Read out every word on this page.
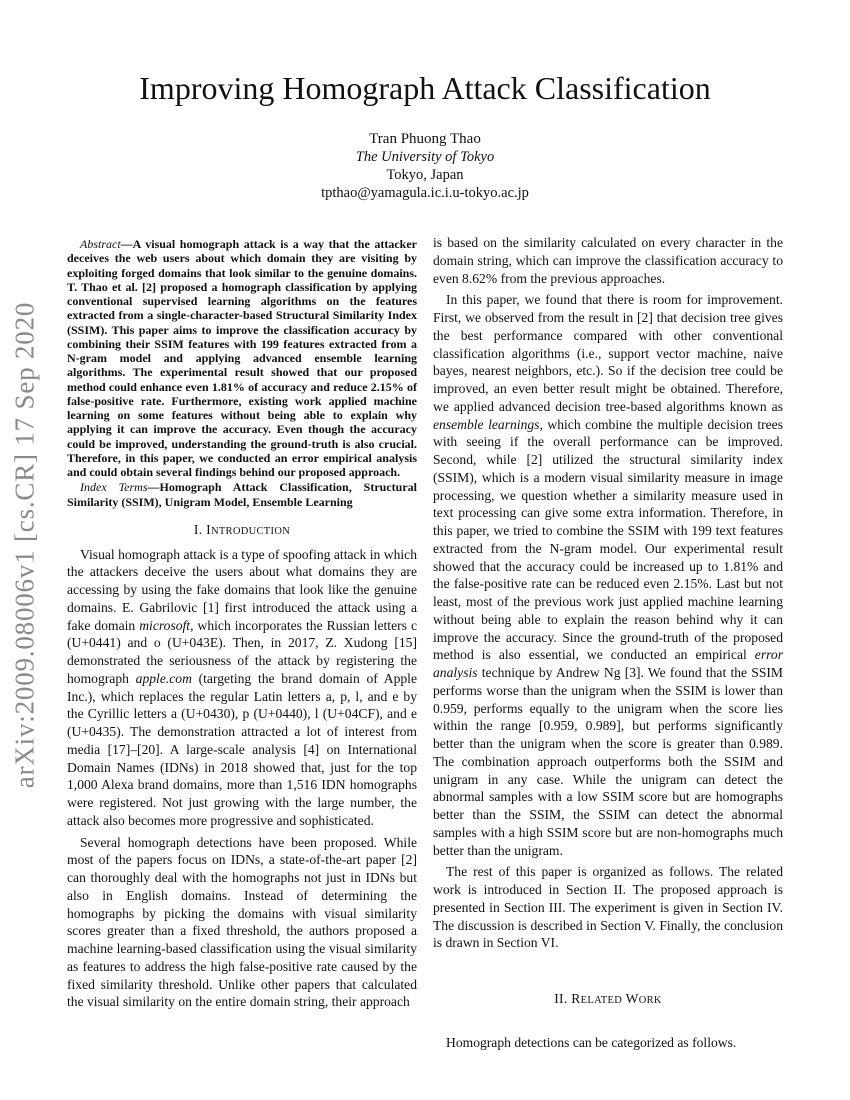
arXiv:2009.08006v1 [cs.CR] 17 Sep 2020
Improving Homograph Attack Classification
Tran Phuong Thao
The University of Tokyo
Tokyo, Japan
tpthao@yamagula.ic.i.u-tokyo.ac.jp

Abstract—A visual homograph attack is a way that the attacker deceives the web users about which domain they are visiting by exploiting forged domains that look similar to the genuine domains. T. Thao et al. [2] proposed a homograph classification by applying conventional supervised learning algorithms on the features extracted from a single-character-based Structural Similarity Index (SSIM). This paper aims to improve the classification accuracy by combining their SSIM features with 199 features extracted from a N-gram model and applying advanced ensemble learning algorithms. The experimental result showed that our proposed method could enhance even 1.81% of accuracy and reduce 2.15% of false-positive rate. Furthermore, existing work applied machine learning on some features without being able to explain why applying it can improve the accuracy. Even though the accuracy could be improved, understanding the ground-truth is also crucial. Therefore, in this paper, we conducted an error empirical analysis and could obtain several findings behind our proposed approach.

Index Terms—Homograph Attack Classification, Structural Similarity (SSIM), Unigram Model, Ensemble Learning

I. INTRODUCTION

Visual homograph attack is a type of spoofing attack in which the attackers deceive the users about what domains they are accessing by using the fake domains that look like the genuine domains. E. Gabrilovic [1] first introduced the attack using a fake domain microsoft, which incorporates the Russian letters c (U+0441) and o (U+043E). Then, in 2017, Z. Xudong [15] demonstrated the seriousness of the attack by registering the homograph apple.com (targeting the brand domain of Apple Inc.), which replaces the regular Latin letters a, p, l, and e by the Cyrillic letters a (U+0430), p (U+0440), l (U+04CF), and e (U+0435). The demonstration attracted a lot of interest from media [17]–[20]. A large-scale analysis [4] on International Domain Names (IDNs) in 2018 showed that, just for the top 1,000 Alexa brand domains, more than 1,516 IDN homographs were registered. Not just growing with the large number, the attack also becomes more progressive and sophisticated.

Several homograph detections have been proposed. While most of the papers focus on IDNs, a state-of-the-art paper [2] can thoroughly deal with the homographs not just in IDNs but also in English domains. Instead of determining the homographs by picking the domains with visual similarity scores greater than a fixed threshold, the authors proposed a machine learning-based classification using the visual similarity as features to address the high false-positive rate caused by the fixed similarity threshold. Unlike other papers that calculated the visual similarity on the entire domain string, their approach

is based on the similarity calculated on every character in the domain string, which can improve the classification accuracy to even 8.62% from the previous approaches.

In this paper, we found that there is room for improvement. First, we observed from the result in [2] that decision tree gives the best performance compared with other conventional classification algorithms (i.e., support vector machine, naive bayes, nearest neighbors, etc.). So if the decision tree could be improved, an even better result might be obtained. Therefore, we applied advanced decision tree-based algorithms known as ensemble learnings, which combine the multiple decision trees with seeing if the overall performance can be improved. Second, while [2] utilized the structural similarity index (SSIM), which is a modern visual similarity measure in image processing, we question whether a similarity measure used in text processing can give some extra information. Therefore, in this paper, we tried to combine the SSIM with 199 text features extracted from the N-gram model. Our experimental result showed that the accuracy could be increased up to 1.81% and the false-positive rate can be reduced even 2.15%. Last but not least, most of the previous work just applied machine learning without being able to explain the reason behind why it can improve the accuracy. Since the ground-truth of the proposed method is also essential, we conducted an empirical error analysis technique by Andrew Ng [3]. We found that the SSIM performs worse than the unigram when the SSIM is lower than 0.959, performs equally to the unigram when the score lies within the range [0.959, 0.989], but performs significantly better than the unigram when the score is greater than 0.989. The combination approach outperforms both the SSIM and unigram in any case. While the unigram can detect the abnormal samples with a low SSIM score but are homographs better than the SSIM, the SSIM can detect the abnormal samples with a high SSIM score but are non-homographs much better than the unigram.

The rest of this paper is organized as follows. The related work is introduced in Section II. The proposed approach is presented in Section III. The experiment is given in Section IV. The discussion is described in Section V. Finally, the conclusion is drawn in Section VI.

II. RELATED WORK

Homograph detections can be categorized as follows.
